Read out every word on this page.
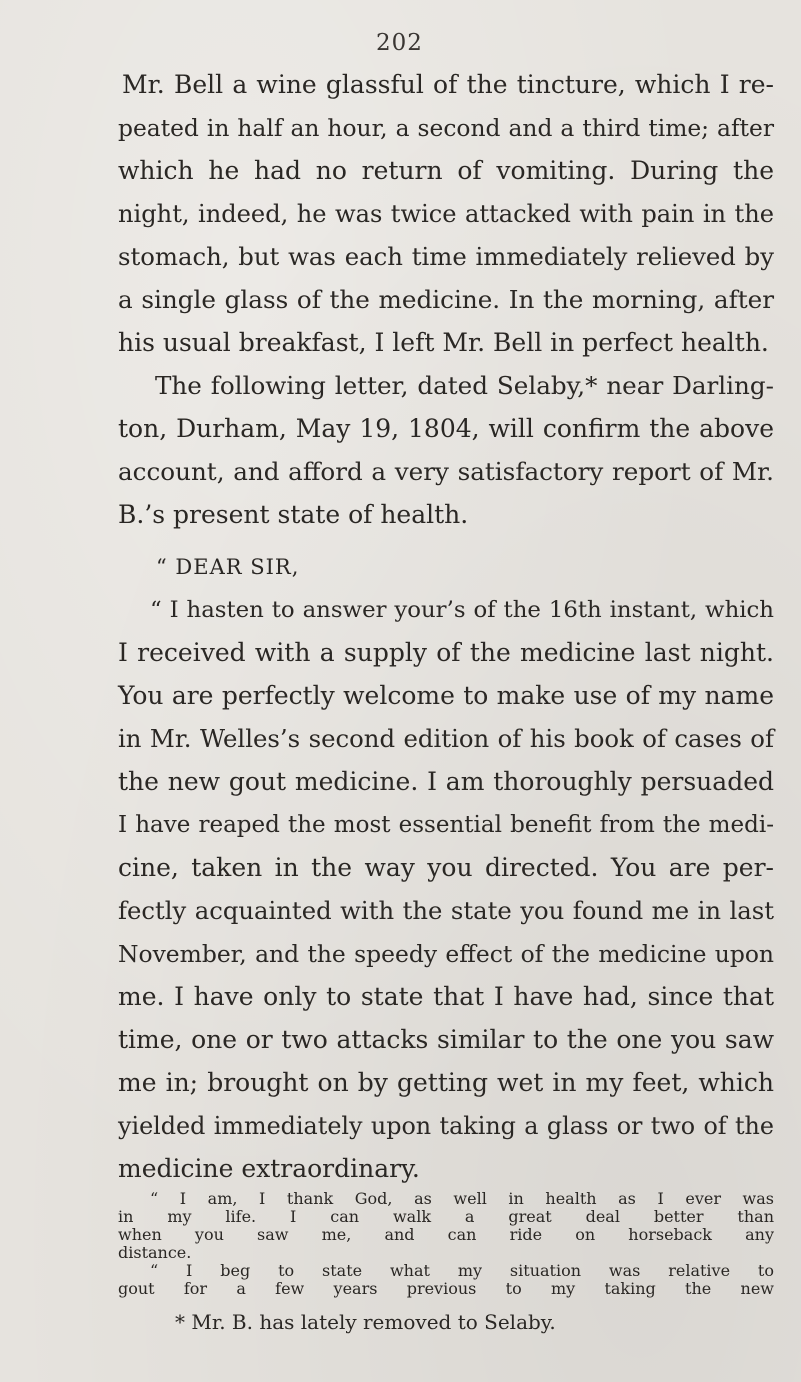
202
Mr. Bell a wine glassful of the tincture, which I re-
peated in half an hour, a second and a third time; after
which he had no return of vomiting. During the
night, indeed, he was twice attacked with pain in the
stomach, but was each time immediately relieved by
a single glass of the medicine. In the morning, after
his usual breakfast, I left Mr. Bell in perfect health.
The following letter, dated Selaby,* near Darling-
ton, Durham, May 19, 1804, will confirm the above
account, and afford a very satisfactory report of Mr.
B.’s present state of health.
“ DEAR SIR,
“ I hasten to answer your’s of the 16th instant, which
I received with a supply of the medicine last night.
You are perfectly welcome to make use of my name
in Mr. Welles’s second edition of his book of cases of
the new gout medicine. I am thoroughly persuaded
I have reaped the most essential benefit from the medi-
cine, taken in the way you directed. You are per-
fectly acquainted with the state you found me in last
November, and the speedy effect of the medicine upon
me. I have only to state that I have had, since that
time, one or two attacks similar to the one you saw
me in; brought on by getting wet in my feet, which
yielded immediately upon taking a glass or two of the
medicine extraordinary.
“ I am, I thank God, as well in health as I ever was
in my life. I can walk a great deal better than
when you saw me, and can ride on horseback any
distance.
“ I beg to state what my situation was relative to
gout for a few years previous to my taking the new
* Mr. B. has lately removed to Selaby.
